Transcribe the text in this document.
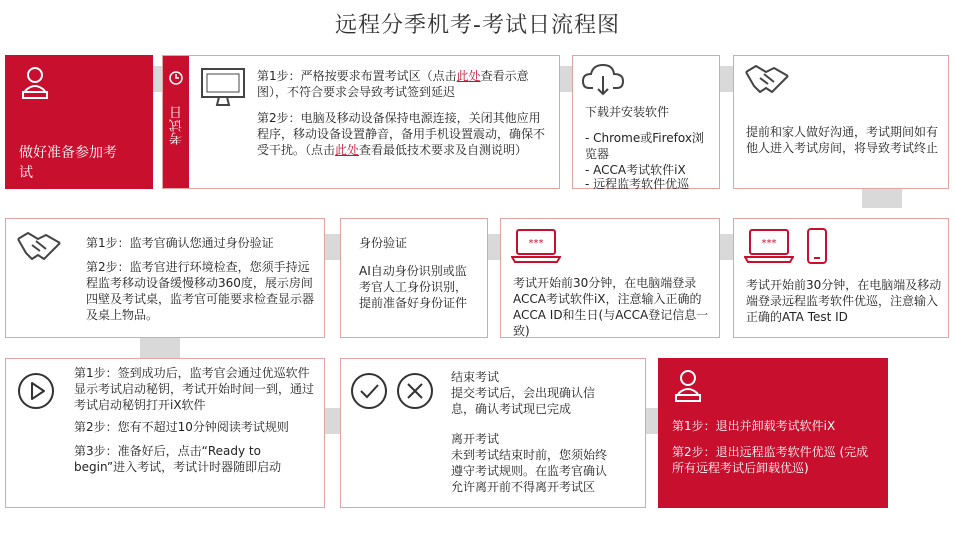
远程分季机考-考试日流程图
做好准备参加考试
考试日
第1步：严格按要求布置考试区（点击此处查看示意图），不符合要求会导致考试签到延迟
第2步：电脑及移动设备保持电源连接，关闭其他应用程序，移动设备设置静音，备用手机设置震动，确保不受干扰。（点击此处查看最低技术要求及自测说明）
下载并安装软件
- Chrome或Firefox浏览器
- ACCA考试软件iX
- 远程监考软件优巡
提前和家人做好沟通，考试期间如有他人进入考试房间，将导致考试终止
第1步：监考官确认您通过身份验证
第2步：监考官进行环境检查，您须手持远程监考移动设备缓慢移动360度，展示房间四壁及考试桌，监考官可能要求检查显示器及桌上物品。
身份验证
AI自动身份识别或监考官人工身份识别，提前准备好身份证件
***
考试开始前30分钟，在电脑端登录ACCA考试软件iX，注意输入正确的ACCA ID和生日(与ACCA登记信息一致)
***
考试开始前30分钟，在电脑端及移动端登录远程监考软件优巡，注意输入正确的ATA Test ID
第1步：签到成功后，监考官会通过优巡软件显示考试启动秘钥，考试开始时间一到，通过考试启动秘钥打开iX软件
第2步：您有不超过10分钟阅读考试规则
第3步：准备好后，点击“Ready to begin”进入考试，考试计时器随即启动
结束考试
提交考试后，会出现确认信息，确认考试现已完成
离开考试
未到考试结束时前，您须始终遵守考试规则。在监考官确认允许离开前不得离开考试区
第1步：退出并卸载考试软件iX
第2步：退出远程监考软件优巡 (完成所有远程考试后卸载优巡)
